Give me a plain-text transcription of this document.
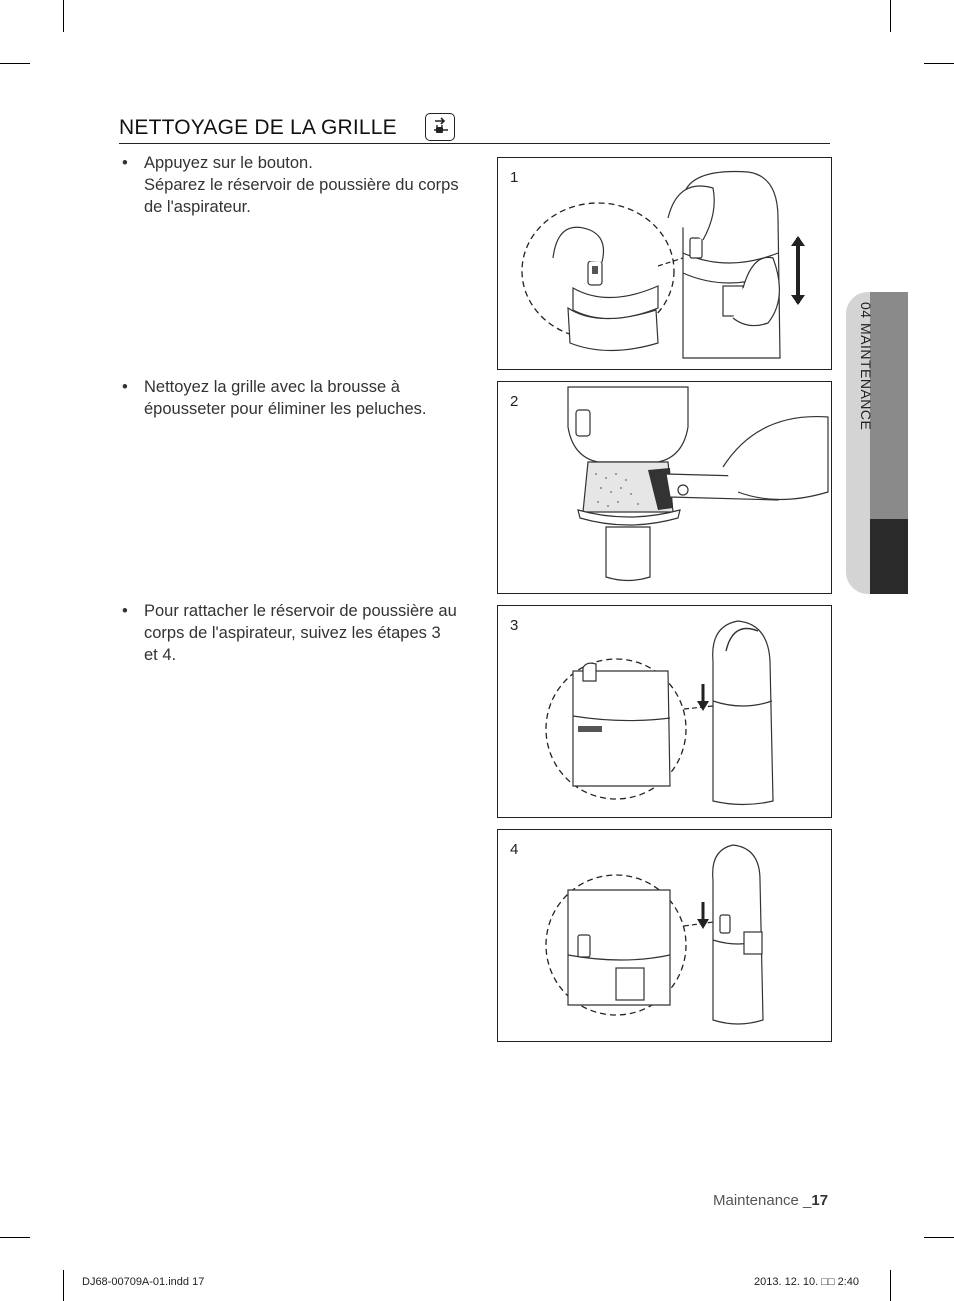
NETTOYAGE DE LA GRILLE
• Appuyez sur le bouton.
Séparez le réservoir de poussière du corps
de l'aspirateur.
• Nettoyez la grille avec la brousse à
épousseter pour éliminer les peluches.
• Pour rattacher le réservoir de poussière au
corps de l'aspirateur, suivez les étapes 3
et 4.
1
2
3
4
04 MAINTENANCE
Maintenance _17
DJ68-00709A-01.indd 17	2013. 12. 10. □□ 2:40
